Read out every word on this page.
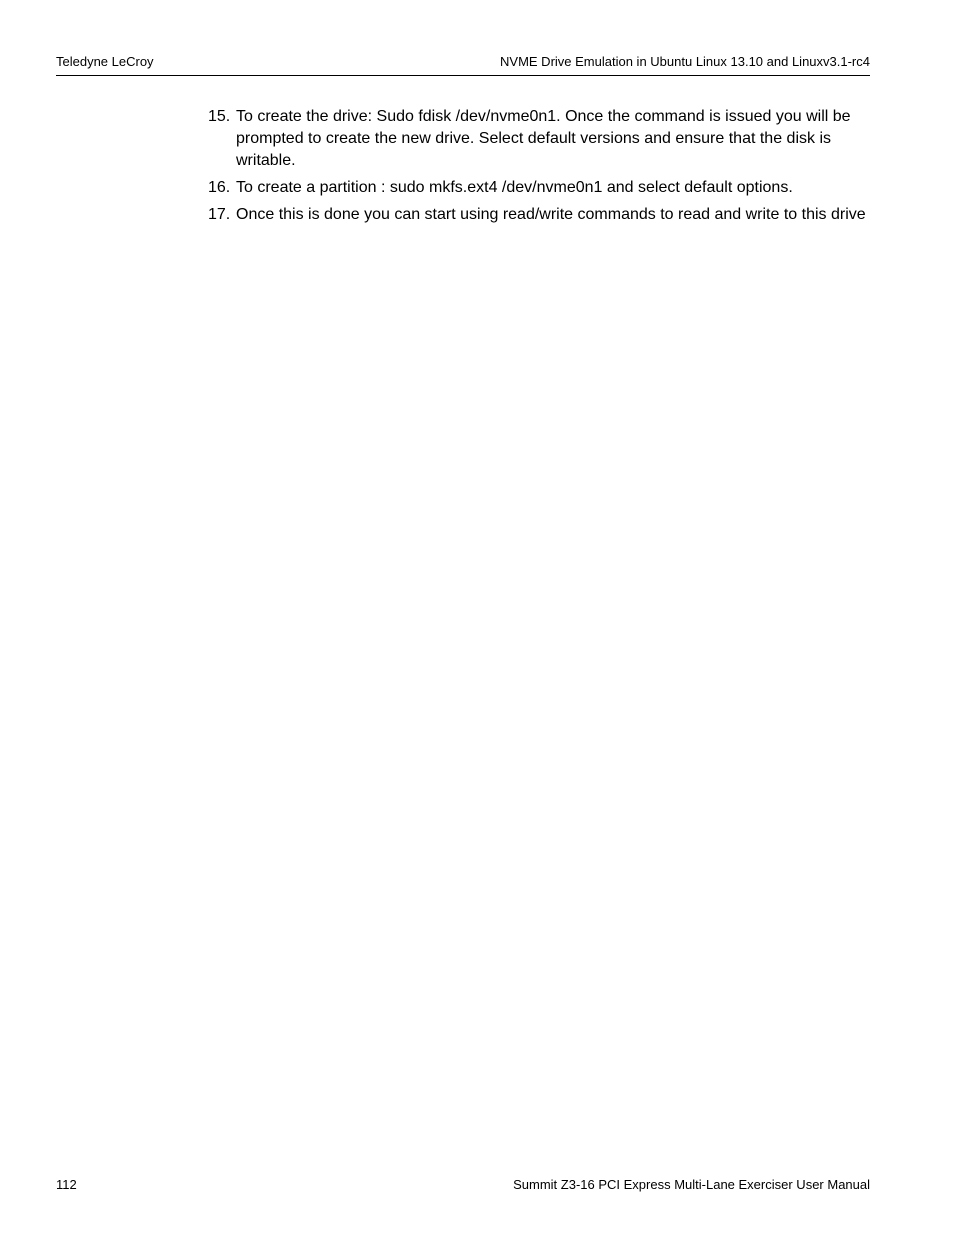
Teledyne LeCroy	NVME Drive Emulation in Ubuntu Linux 13.10 and Linuxv3.1-rc4
15. To create the drive: Sudo fdisk /dev/nvme0n1. Once the command is issued you will be prompted to create the new drive. Select default versions and ensure that the disk is writable.
16. To create a partition : sudo mkfs.ext4 /dev/nvme0n1 and select default options.
17. Once this is done you can start using read/write commands to read and write to this drive
112	Summit Z3-16 PCI Express Multi-Lane Exerciser User Manual
